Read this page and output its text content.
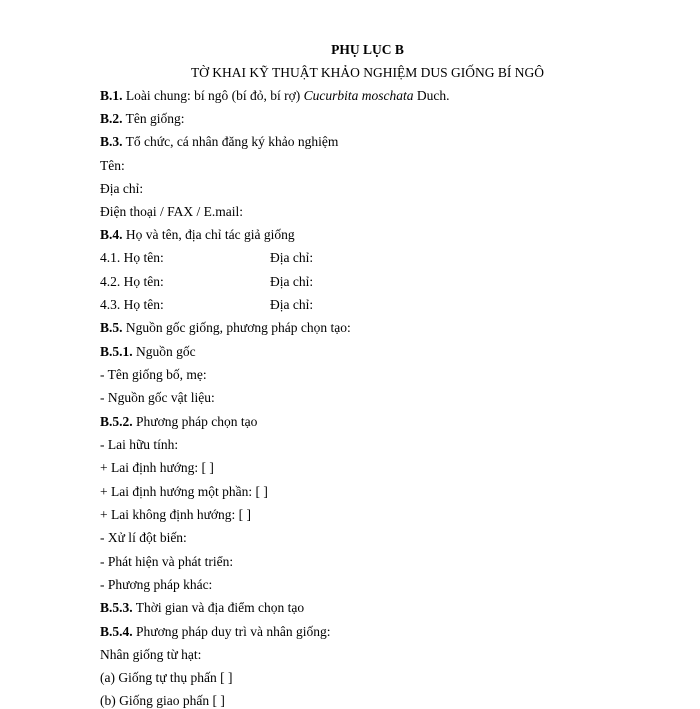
PHỤ LỤC B
TỜ KHAI KỸ THUẬT KHẢO NGHIỆM DUS GIỐNG BÍ NGÔ
B.1. Loài chung: bí ngô (bí đỏ, bí rợ) Cucurbita moschata Duch.
B.2. Tên giống:
B.3. Tổ chức, cá nhân đăng ký khảo nghiệm
Tên:
Địa chỉ:
Điện thoại / FAX / E.mail:
B.4. Họ và tên, địa chỉ tác giả giống
4.1. Họ tên:	Địa chỉ:
4.2. Họ tên:	Địa chỉ:
4.3. Họ tên:	Địa chỉ:
B.5. Nguồn gốc giống, phương pháp chọn tạo:
B.5.1. Nguồn gốc
- Tên giống bố, mẹ:
- Nguồn gốc vật liệu:
B.5.2. Phương pháp chọn tạo
- Lai hữu tính:
+ Lai định hướng: [ ]
+ Lai định hướng một phần: [ ]
+ Lai không định hướng: [ ]
- Xử lí đột biến:
- Phát hiện và phát triển:
- Phương pháp khác:
B.5.3. Thời gian và địa điểm chọn tạo
B.5.4. Phương pháp duy trì và nhân giống:
Nhân giống từ hạt:
(a) Giống tự thụ phấn [ ]
(b) Giống giao phấn [ ]
